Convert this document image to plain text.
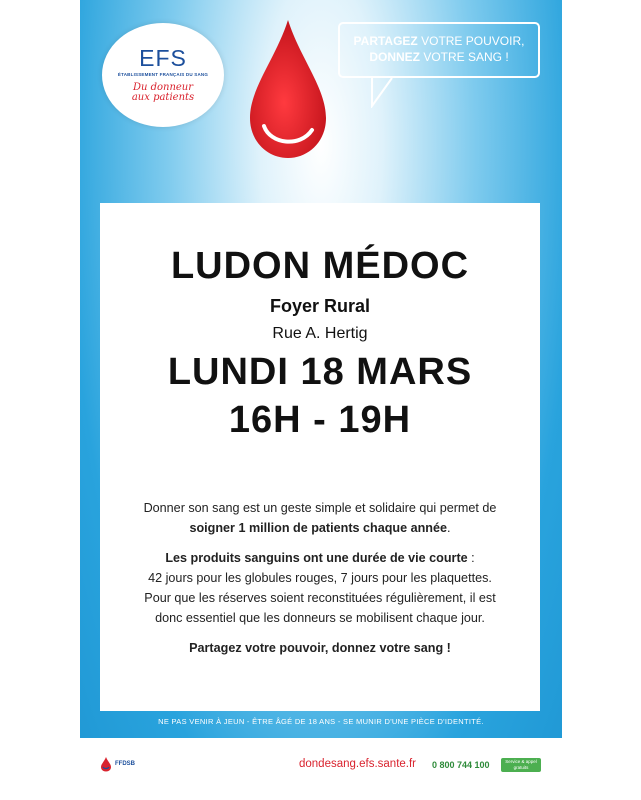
EFS
ÉTABLISSEMENT FRANÇAIS DU SANG
Du donneur
aux patients
PARTAGEZ VOTRE POUVOIR,
DONNEZ VOTRE SANG !
LUDON MÉDOC
Foyer Rural
Rue A. Hertig
LUNDI 18 MARS
16H - 19H

Donner son sang est un geste simple et solidaire qui permet de

soigner 1 million de patients chaque année.

Les produits sanguins ont une durée de vie courte :

42 jours pour les globules rouges, 7 jours pour les plaquettes.

Pour que les réserves soient reconstituées régulièrement, il est

donc essentiel que les donneurs se mobilisent chaque jour.

Partagez votre pouvoir, donnez votre sang !

NE PAS VENIR À JEUN - ÊTRE ÂGÉ DE 18 ANS - SE MUNIR D'UNE PIÈCE D'IDENTITÉ.
FFDSB	dondesang.efs.sante.fr 0 800 744 100	Service & appel
gratuits
